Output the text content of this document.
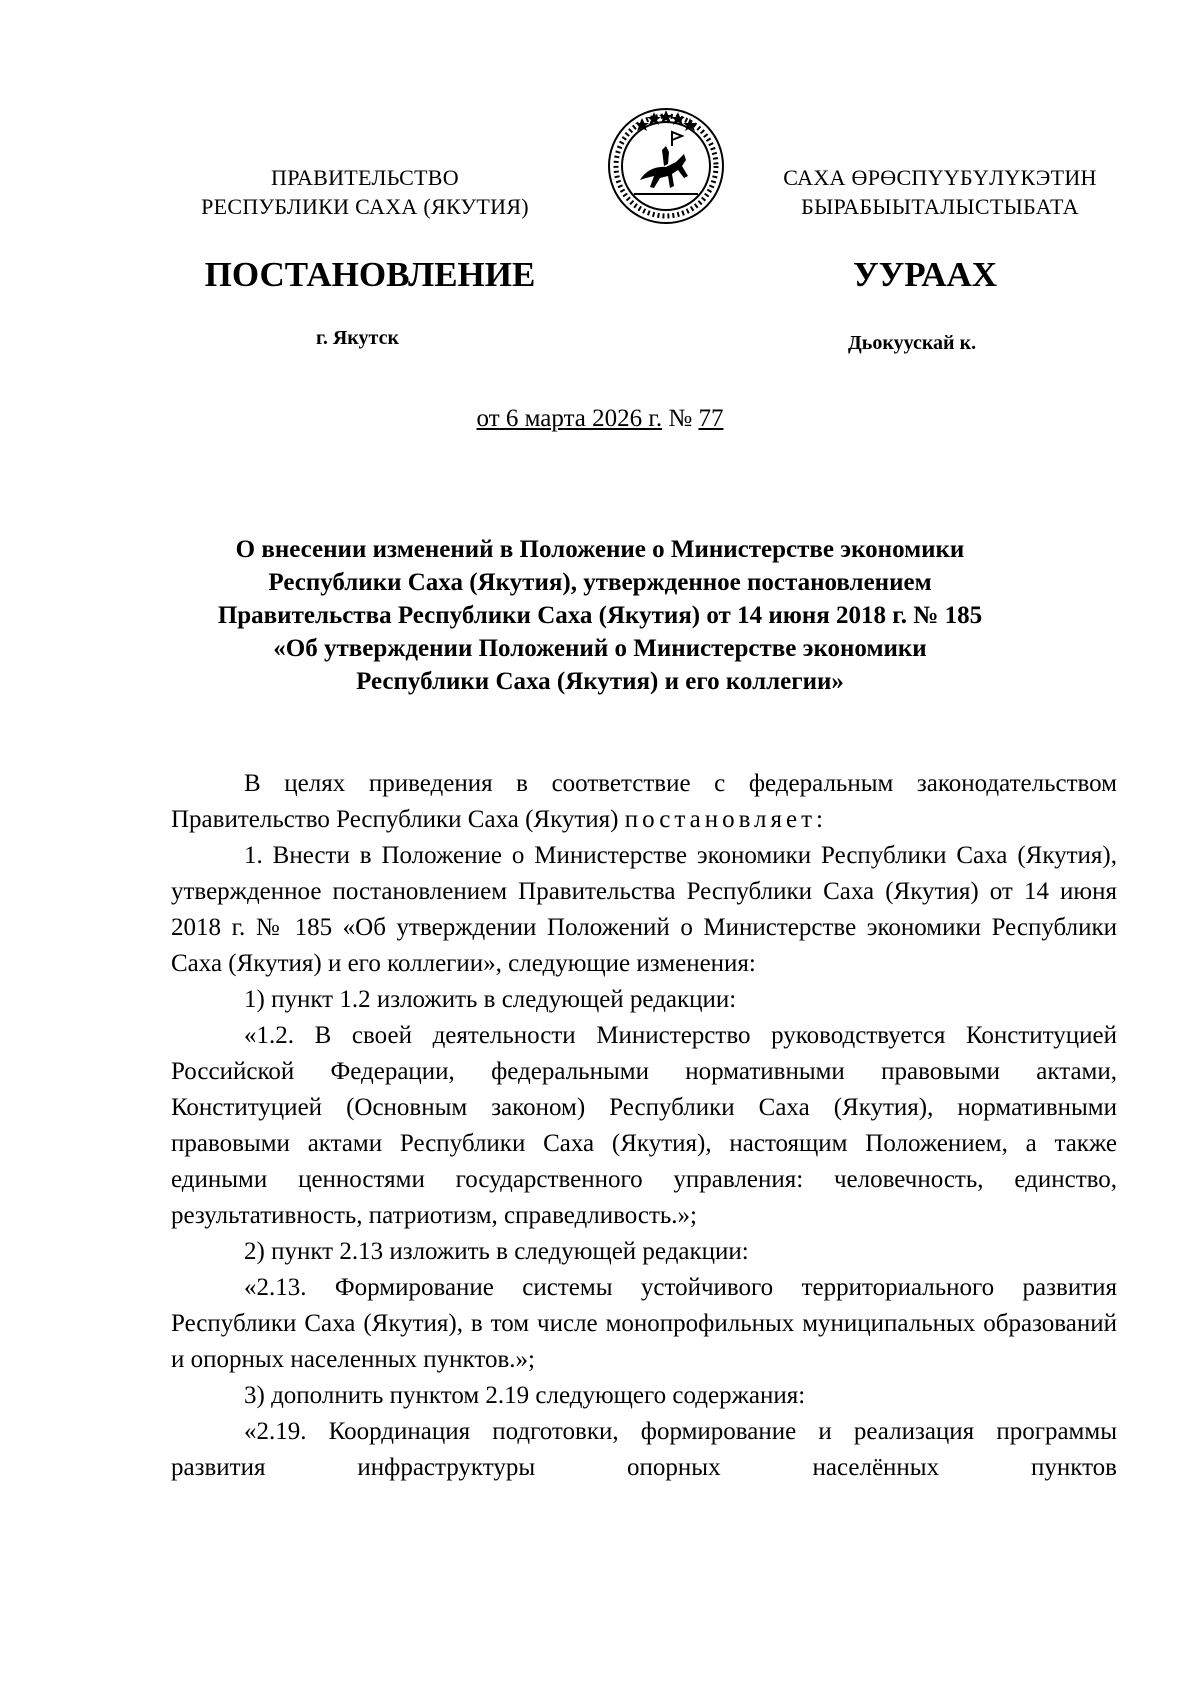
ПРАВИТЕЛЬСТВО
РЕСПУБЛИКИ САХА (ЯКУТИЯ)
САХА ӨРӨСПҮҮБҮЛҮКЭТИН
БЫРАБЫЫТАЛЫСТЫБАТА
ПОСТАНОВЛЕНИЕ	УУРААХ
г. Якутск	Дьокуускай к.
от 6 марта 2026 г. № 77
О внесении изменений в Положение о Министерстве экономики
Республики Саха (Якутия), утвержденное постановлением
Правительства Республики Саха (Якутия) от 14 июня 2018 г. № 185
«Об утверждении Положений о Министерстве экономики
Республики Саха (Якутия) и его коллегии»

В целях приведения в соответствие с федеральным законодательством Правительство Республики Саха (Якутия) постановляет:

1. Внести в Положение о Министерстве экономики Республики Саха (Якутия), утвержденное постановлением Правительства Республики Саха (Якутия) от 14 июня 2018 г. № 185 «Об утверждении Положений о Министерстве экономики Республики Саха (Якутия) и его коллегии», следующие изменения:

1) пункт 1.2 изложить в следующей редакции:

«1.2. В своей деятельности Министерство руководствуется Конституцией Российской Федерации, федеральными нормативными правовыми актами, Конституцией (Основным законом) Республики Саха (Якутия), нормативными правовыми актами Республики Саха (Якутия), настоящим Положением, а также едиными ценностями государственного управления: человечность, единство, результативность, патриотизм, справедливость.»;

2) пункт 2.13 изложить в следующей редакции:

«2.13. Формирование системы устойчивого территориального развития Республики Саха (Якутия), в том числе монопрофильных муниципальных образований и опорных населенных пунктов.»;

3) дополнить пунктом 2.19 следующего содержания:

«2.19. Координация подготовки, формирование и реализация программы развития инфраструктуры опорных населённых пунктов
